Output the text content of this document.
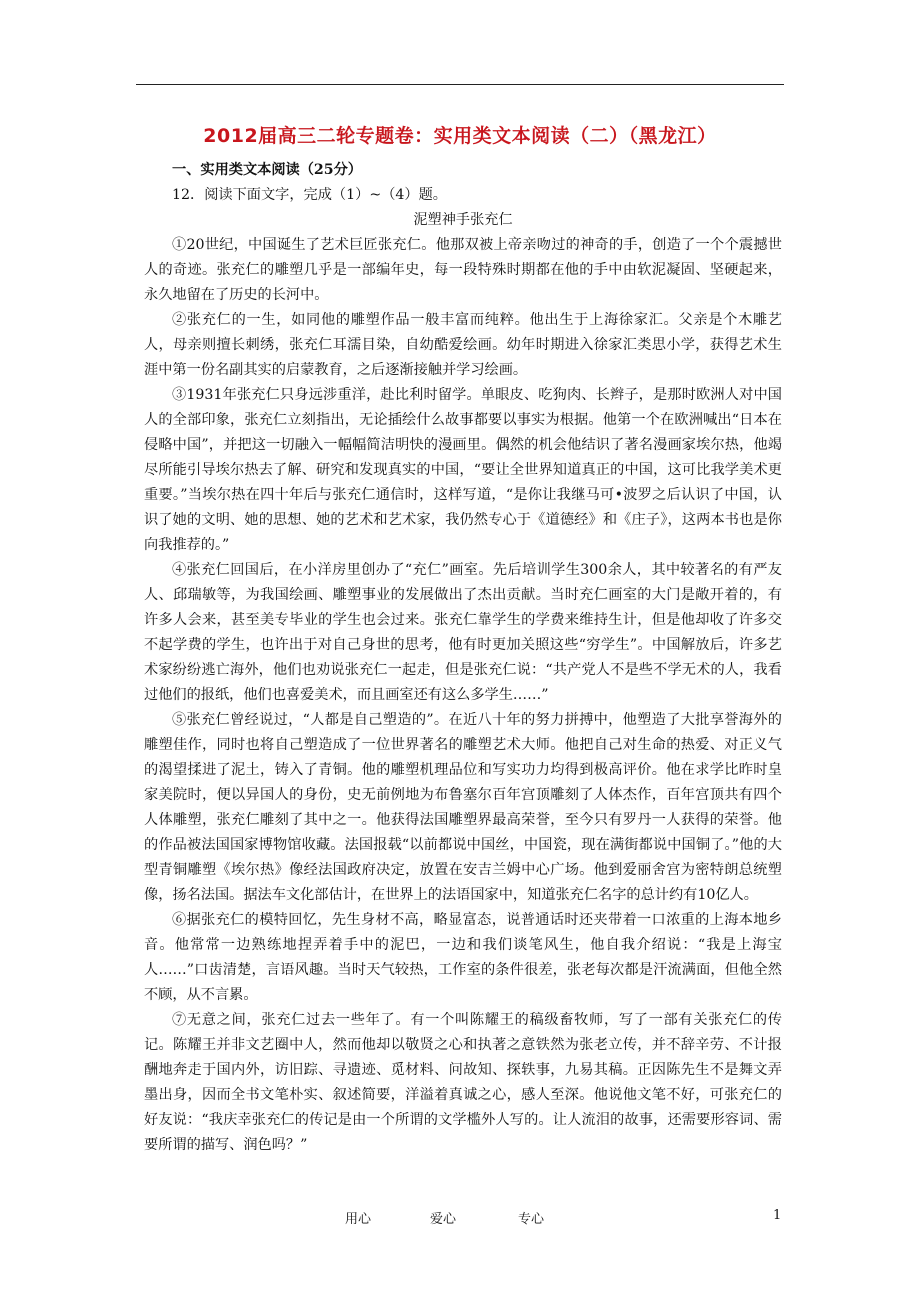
2012届高三二轮专题卷：实用类文本阅读（二）（黑龙江）

一、实用类文本阅读（25分）

12．阅读下面文字，完成（1）~（4）题。

泥塑神手张充仁

①20世纪，中国诞生了艺术巨匠张充仁。他那双被上帝亲吻过的神奇的手，创造了一个个震撼世人的奇迹。张充仁的雕塑几乎是一部编年史，每一段特殊时期都在他的手中由软泥凝固、坚硬起来，永久地留在了历史的长河中。

②张充仁的一生，如同他的雕塑作品一般丰富而纯粹。他出生于上海徐家汇。父亲是个木雕艺人，母亲则擅长刺绣，张充仁耳濡目染，自幼酷爱绘画。幼年时期进入徐家汇类思小学，获得艺术生涯中第一份名副其实的启蒙教育，之后逐渐接触并学习绘画。

③1931年张充仁只身远涉重洋，赴比利时留学。单眼皮、吃狗肉、长辫子，是那时欧洲人对中国人的全部印象，张充仁立刻指出，无论插绘什么故事都要以事实为根据。他第一个在欧洲喊出“日本在侵略中国”，并把这一切融入一幅幅简洁明快的漫画里。偶然的机会他结识了著名漫画家埃尔热，他竭尽所能引导埃尔热去了解、研究和发现真实的中国，“要让全世界知道真正的中国，这可比我学美术更重要。”当埃尔热在四十年后与张充仁通信时，这样写道，“是你让我继马可•波罗之后认识了中国，认识了她的文明、她的思想、她的艺术和艺术家，我仍然专心于《道德经》和《庄子》，这两本书也是你向我推荐的。”

④张充仁回国后，在小洋房里创办了“充仁”画室。先后培训学生300余人，其中较著名的有严友人、邱瑞敏等，为我国绘画、雕塑事业的发展做出了杰出贡献。当时充仁画室的大门是敞开着的，有许多人会来，甚至美专毕业的学生也会过来。张充仁靠学生的学费来维持生计，但是他却收了许多交不起学费的学生，也许出于对自己身世的思考，他有时更加关照这些“穷学生”。中国解放后，许多艺术家纷纷逃亡海外，他们也劝说张充仁一起走，但是张充仁说：“共产党人不是些不学无术的人，我看过他们的报纸，他们也喜爱美术，而且画室还有这么多学生……”

⑤张充仁曾经说过，“人都是自己塑造的”。在近八十年的努力拼搏中，他塑造了大批享誉海外的雕塑佳作，同时也将自己塑造成了一位世界著名的雕塑艺术大师。他把自己对生命的热爱、对正义气的渴望揉进了泥土，铸入了青铜。他的雕塑机理品位和写实功力均得到极高评价。他在求学比昨时皇家美院时，便以异国人的身份，史无前例地为布鲁塞尔百年宫顶雕刻了人体杰作，百年宫顶共有四个人体雕塑，张充仁雕刻了其中之一。他获得法国雕塑界最高荣誉，至今只有罗丹一人获得的荣誉。他的作品被法国国家博物馆收藏。法国报载“以前都说中国丝，中国瓷，现在满街都说中国铜了。”他的大型青铜雕塑《埃尔热》像经法国政府决定，放置在安吉兰姆中心广场。他到爱丽舍宫为密特朗总统塑像，扬名法国。据法车文化部估计，在世界上的法语国家中，知道张充仁名字的总计约有10亿人。

⑥据张充仁的模特回忆，先生身材不高，略显富态，说普通话时还夹带着一口浓重的上海本地乡音。他常常一边熟练地捏弄着手中的泥巴，一边和我们谈笔风生，他自我介绍说：“我是上海宝人……”口齿清楚，言语风趣。当时天气较热，工作室的条件很差，张老每次都是汗流满面，但他全然不顾，从不言累。

⑦无意之间，张充仁过去一些年了。有一个叫陈耀王的稿级畜牧师，写了一部有关张充仁的传记。陈耀王并非文艺圈中人，然而他却以敬贤之心和执著之意铁然为张老立传，并不辞辛劳、不计报酬地奔走于国内外，访旧踪、寻遗迹、觅材料、问故知、探轶事，九易其稿。正因陈先生不是舞文弄墨出身，因而全书文笔朴实、叙述简要，洋溢着真诚之心，感人至深。他说他文笔不好，可张充仁的好友说：“我庆幸张充仁的传记是由一个所谓的文学槛外人写的。让人流泪的故事，还需要形容词、需要所谓的描写、润色吗？”

用心	爱心	专心	1
